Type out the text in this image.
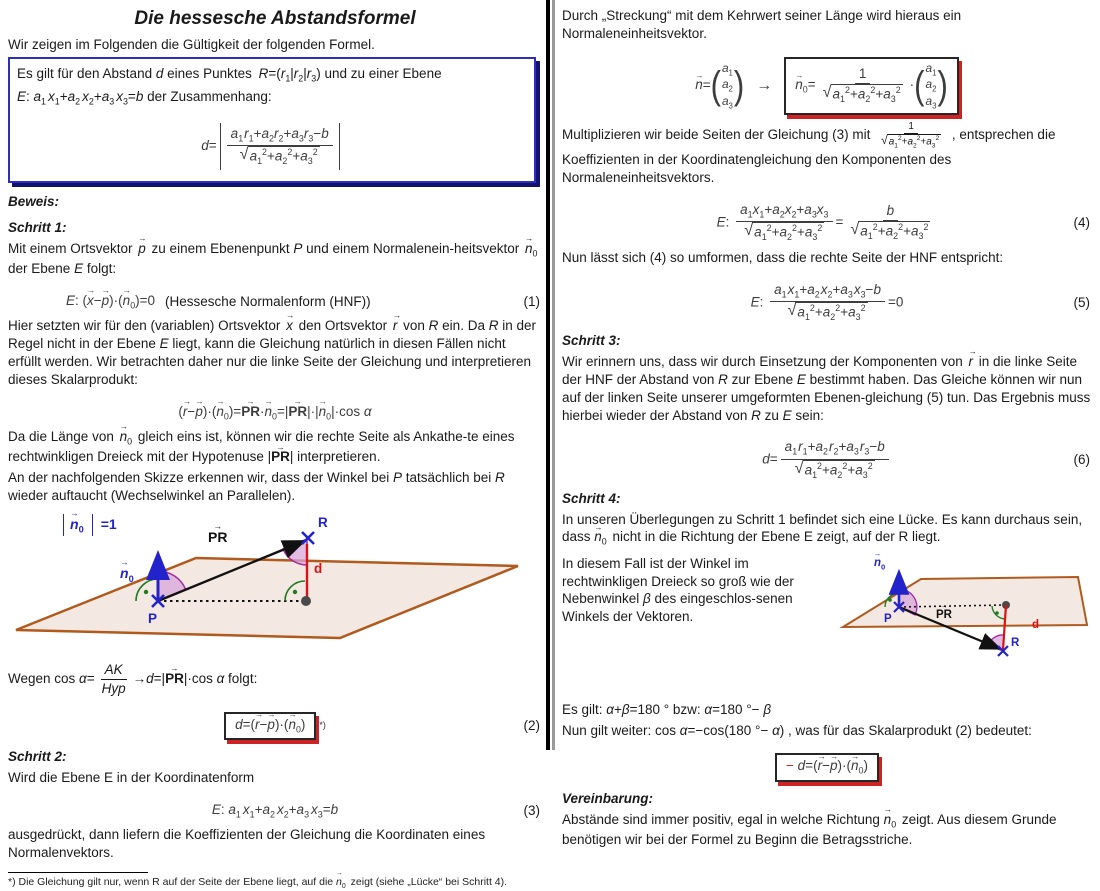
Die hessesche Abstandsformel
Wir zeigen im Folgenden die Gültigkeit der folgenden Formel.
Es gilt für den Abstand d eines Punktes $R=(r_1|r_2|r_3)$ und zu einer Ebene
E: $a_1$ $x_1+a_2$ $x_2+a_3$ $x_3=b$ der Zusammenhang:
$d= \frac{a_1r_1+a_2r_2+a_3r_3-b}{√ a_1^2+a_2^2+a_3^2}$
Beweis:
Schritt 1:
Mit einem Ortsvektor p → zu einem Ebenenpunkt P und einem Normalenein-heitsvektor $n \to_0$ der Ebene E folgt:
E: $(x \to-p \to)\cdot(n \to_0)=0$ (Hessesche Normalenform (HNF))	(1)
Hier setzten wir für den (variablen) Ortsvektor x → den Ortsvektor r → von R ein. Da R in der Regel nicht in der Ebene E liegt, kann die Gleichung natürlich in diesen Fällen nicht erfüllt werden. Wir betrachten daher nur die linke Seite der Gleichung und interpretieren dieses Skalarprodukt:
$(r \to-p \to)\cdot(n \to_0)=PR \to\cdot n \to_0=|PR \to|\cdot|n \to_0|\cdot\cos$ α
Da die Länge von $n \to_0$ gleich eins ist, können wir die rechte Seite als Ankathe-te eines rechtwinkligen Dreieck mit der Hypotenuse |PR →| interpretieren.
An der nachfolgenden Skizze erkennen wir, dass der Winkel bei P tatsächlich bei R wieder auftaucht (Wechselwinkel an Parallelen).
$n \to_0 =1$
$n \to_0$
PR →
P
R
d
Wegen $\cos \alpha= \frac{AK}{\text{Hyp}} \to d=|PR \to|\cdot\cos$ α folgt:
$d=(r \to-p \to)\cdot(n \to_0)$	*)	(2)
Schritt 2:
Wird die Ebene E in der Koordinatenform
E: $a_1$ $x_1+a_2$ $x_2+a_3$ $x_3=b$	(3)
ausgedrückt, dann liefern die Koeffizienten der Gleichung die Koordinaten eines Normalenvektors.
*) Die Gleichung gilt nur, wenn R auf der Seite der Ebene liegt, auf die $n \to_0$ zeigt (siehe „Lücke“ bei Schritt 4).
Durch „Streckung“ mit dem Kehrwert seiner Länge wird hieraus ein Normaleneinheitsvektor.
n →= ( $a_1$
$a_2$
$a_3$ ) →	$n \to_0= \frac{1}{√ a_1^2+a_2^2+a_3^2}$ · ( $a_1$
$a_2$
$a_3$ )
Multiplizieren wir beide Seiten der Gleichung (3) mit $\frac{1}{√ a_1^2+a_2^2+a_3^2}$ , entsprechen die Koeffizienten in der Koordinatengleichung den Komponenten des Normaleneinheitsvektors.
E: $\frac{a_1x_1+a_2x_2+a_3x_3}{√ a_1^2+a_2^2+a_3^2} = \frac{b}{√ a_1^2+a_2^2+a_3^2}$	(4)
Nun lässt sich (4) so umformen, dass die rechte Seite der HNF entspricht:
E: $\frac{a_1x_1+a_2x_2+a_3x_3-b}{√ a_1^2+a_2^2+a_3^2} =0$	(5)
Schritt 3:
Wir erinnern uns, dass wir durch Einsetzung der Komponenten von r → in die linke Seite der HNF der Abstand von R zur Ebene E bestimmt haben. Das Gleiche können wir nun auf der linken Seite unserer umgeformten Ebenen-gleichung (5) tun. Das Ergebnis muss hierbei wieder der Abstand von R zu E sein:
$d= \frac{a_1r_1+a_2r_2+a_3r_3-b}{√ a_1^2+a_2^2+a_3^2}$	(6)
Schritt 4:
In unseren Überlegungen zu Schritt 1 befindet sich eine Lücke. Es kann durchaus sein, dass $n \to_0$ nicht in die Richtung der Ebene E zeigt, auf der R liegt.
In diesem Fall ist der Winkel im rechtwinkligen Dreieck so groß wie der Nebenwinkel β des eingeschlos-senen Winkels der Vektoren.
$n \to_0$
P	PR →
R
d
Es gilt: α+β=180 ° bzw: α=180 °− β
Nun gilt weiter: cos α=−cos(180 °− α) , was für das Skalarprodukt (2) bedeutet:
− $d=(r \to-p \to)\cdot(n \to_0)$
Vereinbarung:
Abstände sind immer positiv, egal in welche Richtung $n \to_0$ zeigt. Aus diesem Grunde benötigen wir bei der Formel zu Beginn die Betragsstriche.
